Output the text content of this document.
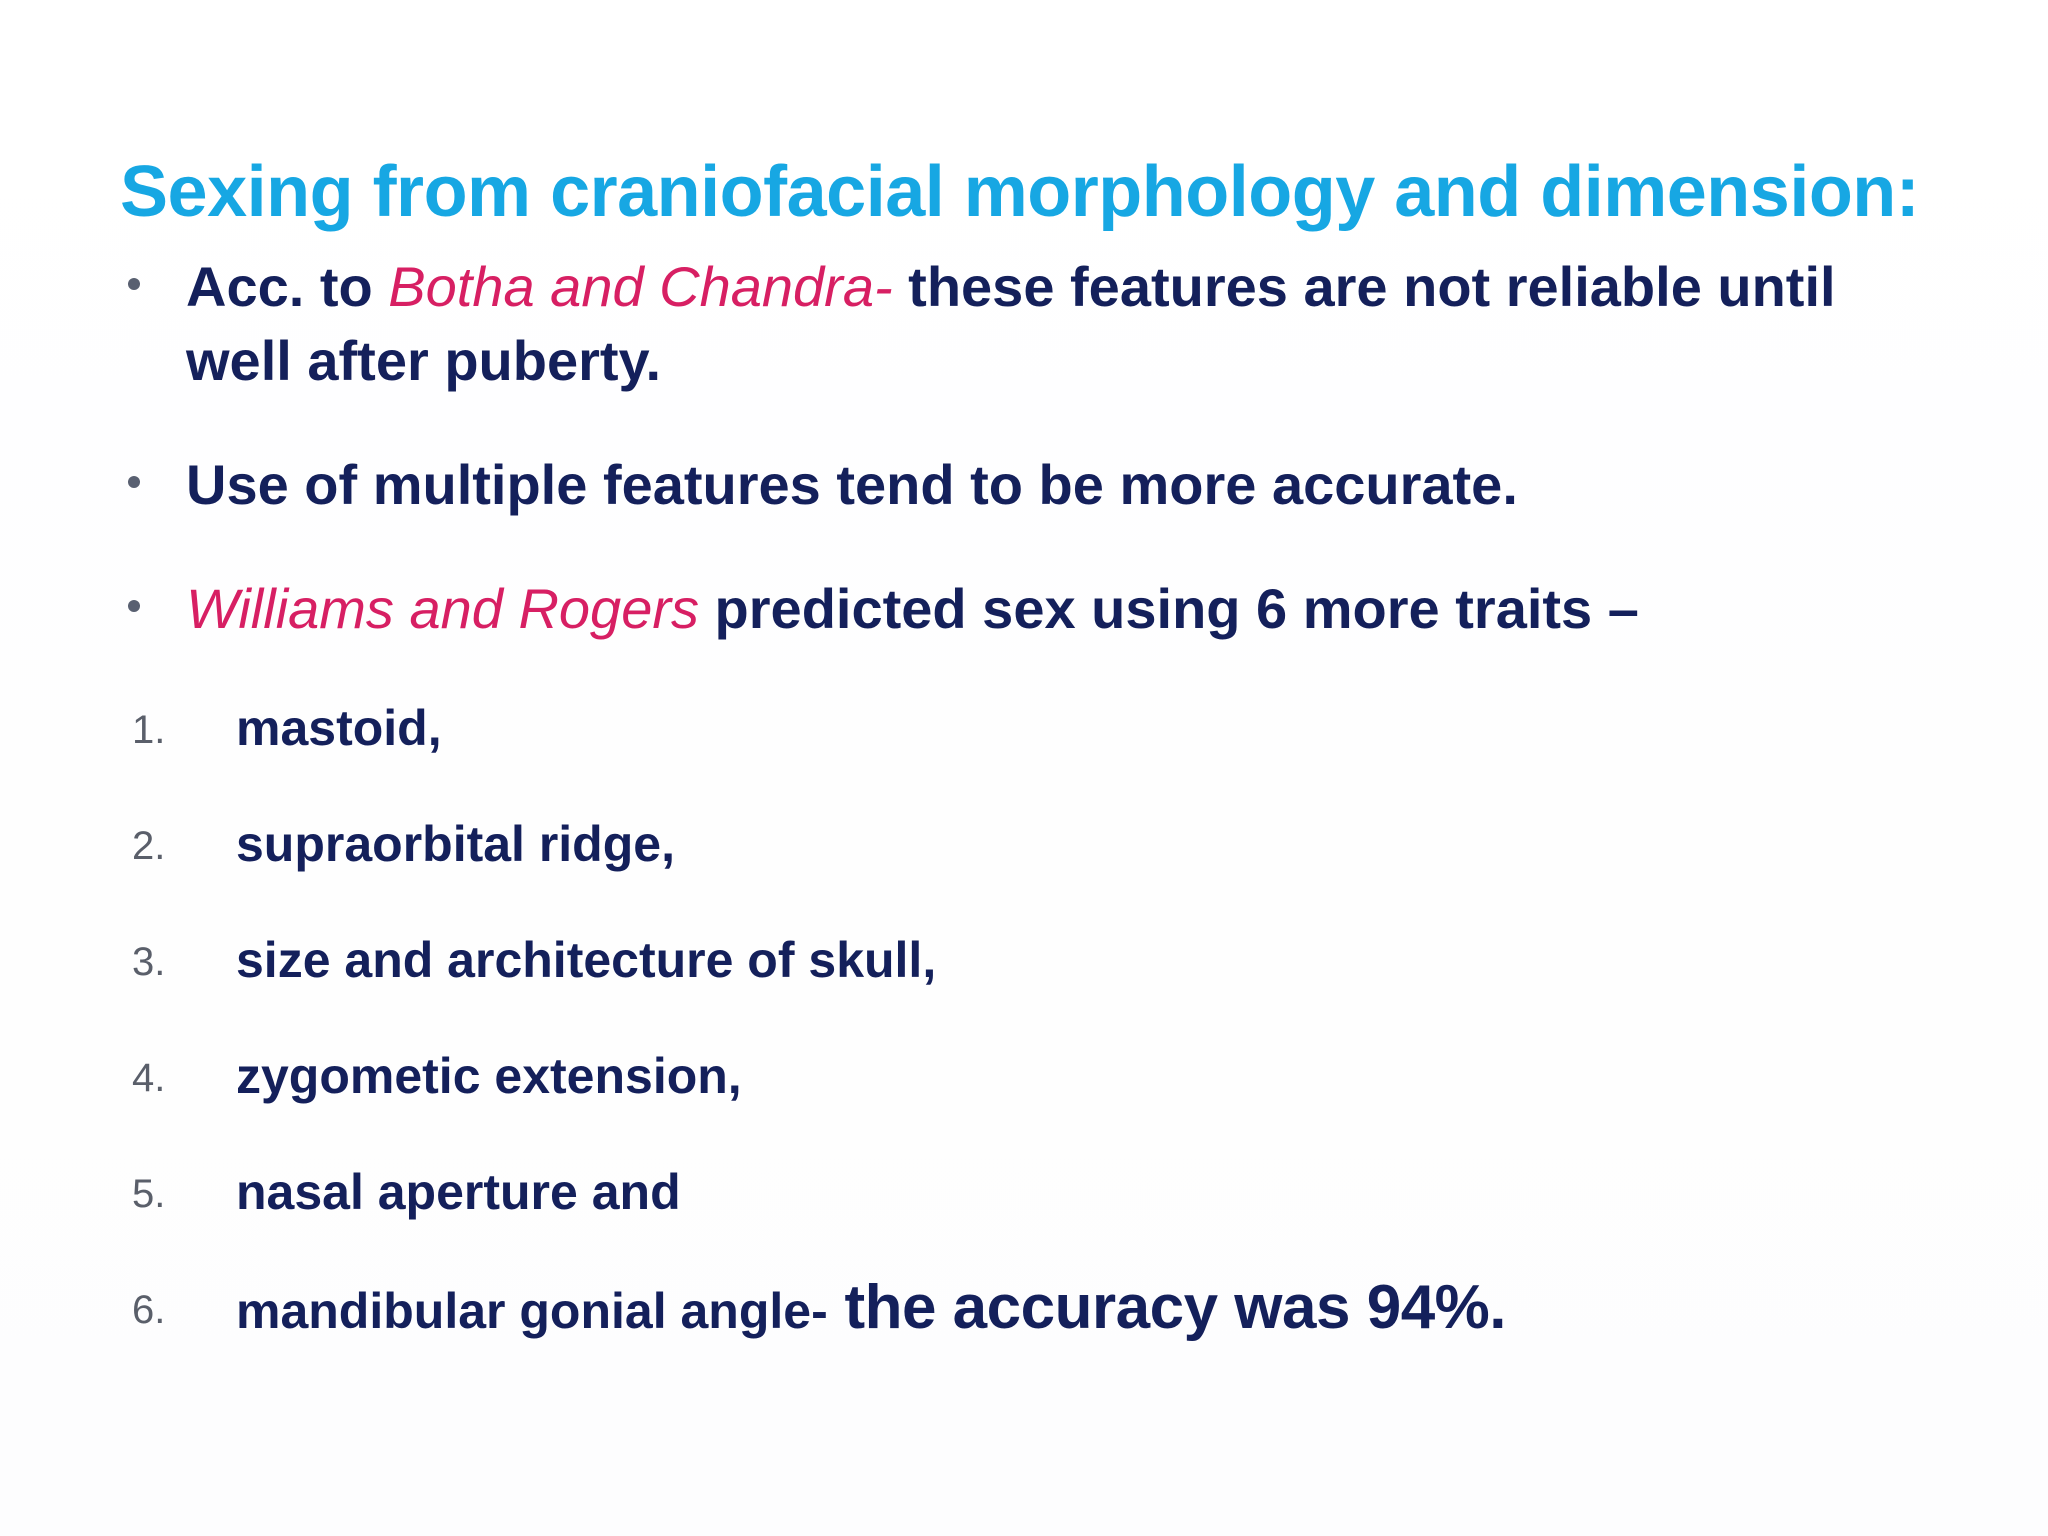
Sexing from craniofacial morphology and dimension:
Acc. to Botha and Chandra- these features are not reliable until well after puberty.
Use of multiple features tend to be more accurate.
Williams and Rogers predicted sex using 6 more traits –
1.	mastoid,
2.	supraorbital ridge,
3.	size and architecture of skull,
4.	zygometic extension,
5.	nasal aperture and
6.	mandibular gonial angle- the accuracy was 94%.
